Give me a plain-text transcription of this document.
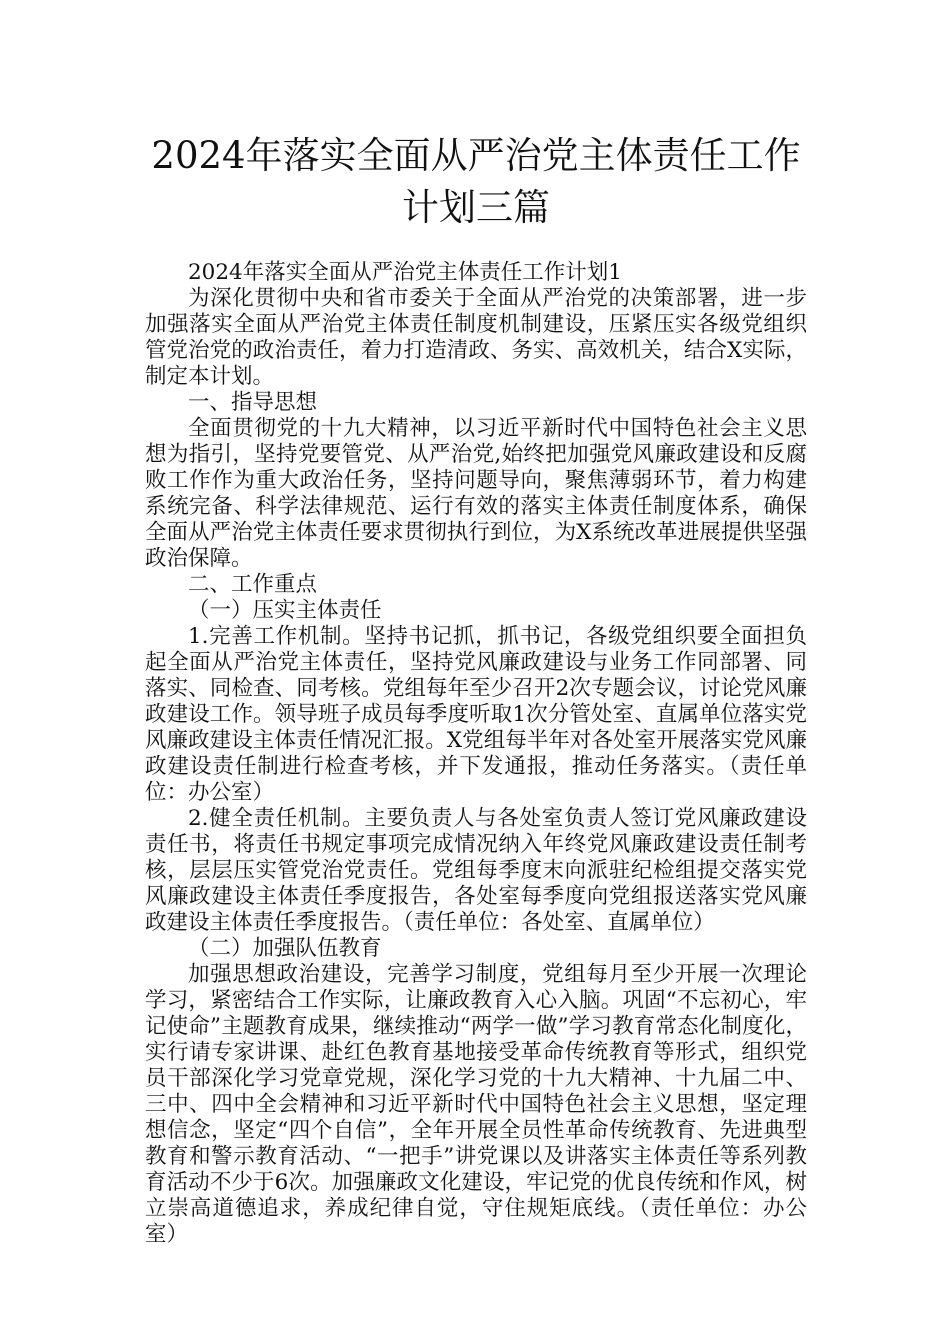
2024年落实全面从严治党主体责任工作计划三篇

2024年落实全面从严治党主体责任工作计划1

为深化贯彻中央和省市委关于全面从严治党的决策部署，进一步加强落实全面从严治党主体责任制度机制建设，压紧压实各级党组织管党治党的政治责任，着力打造清政、务实、高效机关，结合X实际，制定本计划。

一、指导思想

全面贯彻党的十九大精神，以习近平新时代中国特色社会主义思想为指引，坚持党要管党、从严治党,始终把加强党风廉政建设和反腐败工作作为重大政治任务，坚持问题导向，聚焦薄弱环节，着力构建系统完备、科学法律规范、运行有效的落实主体责任制度体系，确保全面从严治党主体责任要求贯彻执行到位，为X系统改革进展提供坚强政治保障。

二、工作重点

（一）压实主体责任

1.完善工作机制。坚持书记抓，抓书记，各级党组织要全面担负起全面从严治党主体责任，坚持党风廉政建设与业务工作同部署、同落实、同检查、同考核。党组每年至少召开2次专题会议，讨论党风廉政建设工作。领导班子成员每季度听取1次分管处室、直属单位落实党风廉政建设主体责任情况汇报。X党组每半年对各处室开展落实党风廉政建设责任制进行检查考核，并下发通报，推动任务落实。（责任单位：办公室）

2.健全责任机制。主要负责人与各处室负责人签订党风廉政建设责任书，将责任书规定事项完成情况纳入年终党风廉政建设责任制考核，层层压实管党治党责任。党组每季度末向派驻纪检组提交落实党风廉政建设主体责任季度报告，各处室每季度向党组报送落实党风廉政建设主体责任季度报告。（责任单位：各处室、直属单位）

（二）加强队伍教育

加强思想政治建设，完善学习制度，党组每月至少开展一次理论学习，紧密结合工作实际，让廉政教育入心入脑。巩固“不忘初心，牢记使命”主题教育成果，继续推动“两学一做”学习教育常态化制度化，实行请专家讲课、赴红色教育基地接受革命传统教育等形式，组织党员干部深化学习党章党规，深化学习党的十九大精神、十九届二中、三中、四中全会精神和习近平新时代中国特色社会主义思想，坚定理想信念，坚定“四个自信”，全年开展全员性革命传统教育、先进典型教育和警示教育活动、“一把手”讲党课以及讲落实主体责任等系列教育活动不少于6次。加强廉政文化建设，牢记党的优良传统和作风，树立崇高道德追求，养成纪律自觉，守住规矩底线。（责任单位：办公室）
